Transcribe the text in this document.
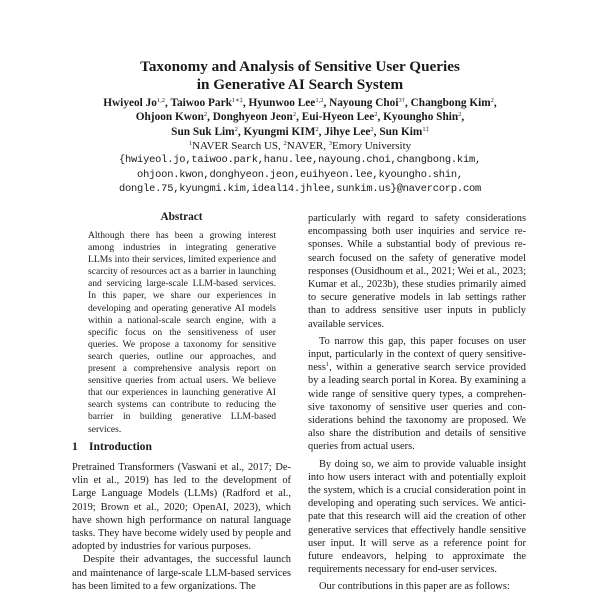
Taxonomy and Analysis of Sensitive User Queries
in Generative AI Search System
Hwiyeol Jo$^{1,2}$, Taiwoo Park$^{1∗\ddagger}$, Hyunwoo Lee$^{1,2}$, Nayoung Choi$^{3\dagger}$, Changbong Kim$^2$,
Ohjoon Kwon$^2$, Donghyeon Jeon$^2$, Eui-Hyeon Lee$^2$, Kyoungho Shin$^2$,
Sun Suk Lim$^2$, Kyungmi KIM$^2$, Jihye Lee$^2$, Sun Kim$^{1\ddagger}$
$^1$NAVER Search US, $^2$NAVER, $^3$Emory University
{hwiyeol.jo,taiwoo.park,hanu.lee,nayoung.choi,changbong.kim,
ohjoon.kwon,donghyeon.jeon,euihyeon.lee,kyoungho.shin,
dongle.75,kyungmi.kim,ideal14.jhlee,sunkim.us}@navercorp.com
Abstract
Although there has been a growing interest among industries in integrating generative LLMs into their services, limited experience and scarcity of resources act as a barrier in launching and servicing large-scale LLM-based services. In this paper, we share our experiences in developing and operating generative AI models within a national-scale search engine, with a specific focus on the sensitiveness of user queries. We propose a taxonomy for sensitive search queries, outline our approaches, and present a comprehensive analysis report on sensitive queries from actual users. We believe that our experiences in launching generative AI search systems can contribute to reducing the barrier in building generative LLM-based services.
1 Introduction

Pretrained Transformers (Vaswani et al., 2017; Devlin et al., 2019) has led to the development of Large Language Models (LLMs) (Radford et al., 2019; Brown et al., 2020; OpenAI, 2023), which have shown high performance on natural language tasks. They have become widely used by people and adopted by industries for various purposes.

Despite their advantages, the successful launch and maintenance of large-scale LLM-based services has been limited to a few organizations. The

particularly with regard to safety considerations encompassing both user inquiries and service responses. While a substantial body of previous research focused on the safety of generative model responses (Ousidhoum et al., 2021; Wei et al., 2023; Kumar et al., 2023b), these studies primarily aimed to secure generative models in lab settings rather than to address sensitive user inputs in publicly available services.

To narrow this gap, this paper focuses on user input, particularly in the context of query sensitiveness$^1$, within a generative search service provided by a leading search portal in Korea. By examining a wide range of sensitive query types, a comprehensive taxonomy of sensitive user queries and considerations behind the taxonomy are proposed. We also share the distribution and details of sensitive queries from actual users.

By doing so, we aim to provide valuable insight into how users interact with and potentially exploit the system, which is a crucial consideration point in developing and operating such services. We anticipate that this research will aid the creation of other generative services that effectively handle sensitive user input. It will serve as a reference point for future endeavors, helping to approximate the requirements necessary for end-user services.

Our contributions in this paper are as follows:
